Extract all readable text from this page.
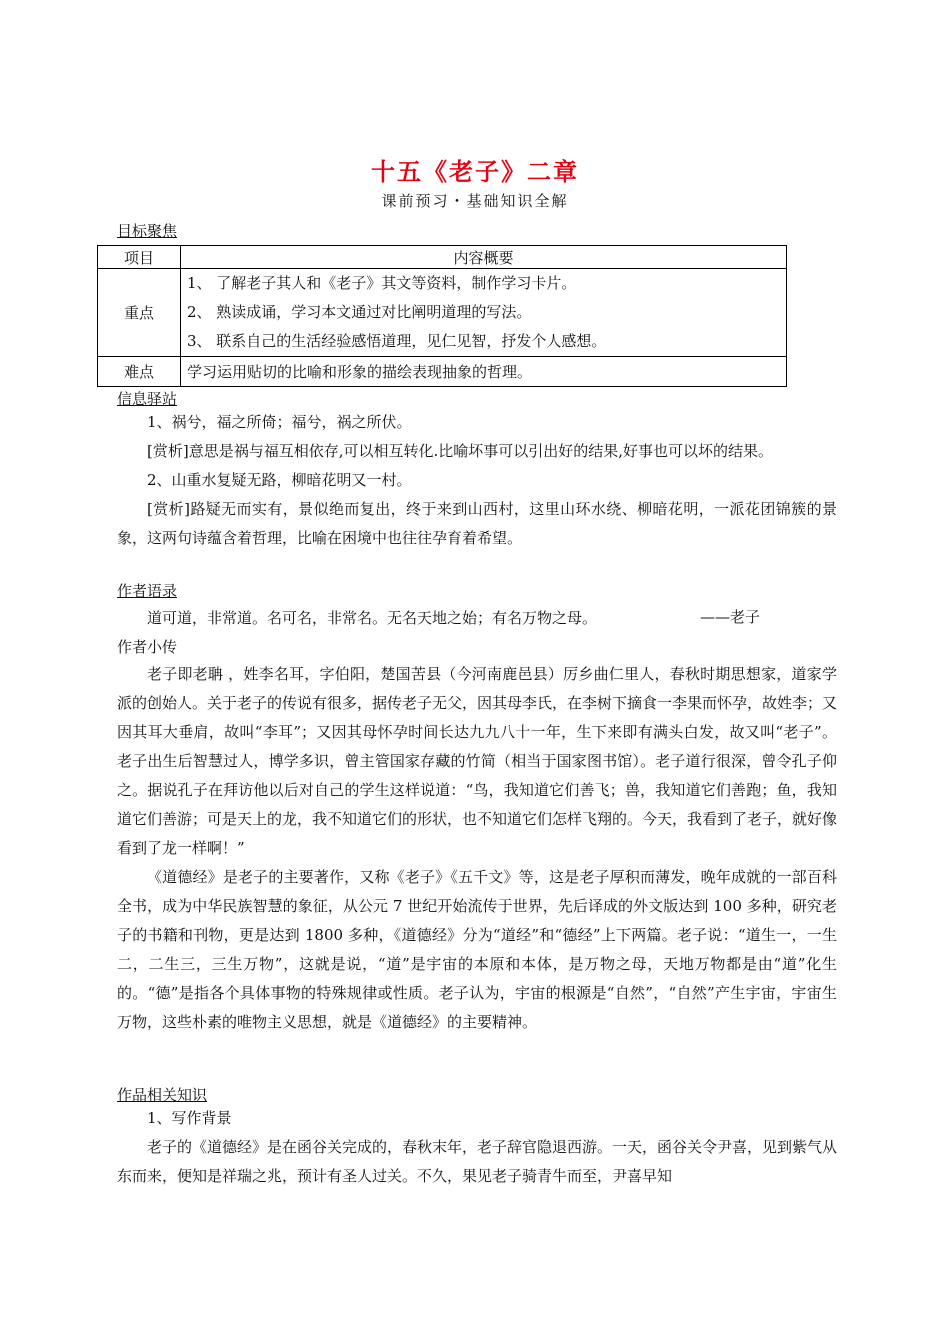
十五《老子》二章
课前预习・基础知识全解
目标聚焦
项目	内容概要
重点	1、 了解老子其人和《老子》其文等资料，制作学习卡片。
2、 熟读成诵，学习本文通过对比阐明道理的写法。
3、 联系自己的生活经验感悟道理，见仁见智，抒发个人感想。

难点	学习运用贴切的比喻和形象的描绘表现抽象的哲理。
信息驿站

1、祸兮，福之所倚；福兮，祸之所伏。

[赏析]意思是祸与福互相依存,可以相互转化.比喻坏事可以引出好的结果,好事也可以坏的结果。

2、山重水复疑无路，柳暗花明又一村。

[赏析]路疑无而实有，景似绝而复出，终于来到山西村，这里山环水绕、柳暗花明，一派花团锦簇的景象，这两句诗蕴含着哲理，比喻在困境中也往往孕育着希望。

作者语录
道可道，非常道。名可名，非常名。无名天地之始；有名万物之母。	——老子
作者小传

老子即老聃 ，姓李名耳，字伯阳，楚国苦县（今河南鹿邑县）厉乡曲仁里人，春秋时期思想家，道家学派的创始人。关于老子的传说有很多，据传老子无父，因其母李氏，在李树下摘食一李果而怀孕，故姓李；又因其耳大垂肩，故叫“李耳”；又因其母怀孕时间长达九九八十一年，生下来即有满头白发，故又叫“老子”。老子出生后智慧过人，博学多识，曾主管国家存藏的竹简（相当于国家图书馆）。老子道行很深，曾令孔子仰之。据说孔子在拜访他以后对自己的学生这样说道：“鸟，我知道它们善飞；兽，我知道它们善跑；鱼，我知道它们善游；可是天上的龙，我不知道它们的形状，也不知道它们怎样飞翔的。今天，我看到了老子，就好像看到了龙一样啊！”

《道德经》是老子的主要著作，又称《老子》《五千文》等，这是老子厚积而薄发，晚年成就的一部百科全书，成为中华民族智慧的象征，从公元 7 世纪开始流传于世界，先后译成的外文版达到 100 多种，研究老子的书籍和刊物，更是达到 1800 多种，《道德经》分为“道经”和“德经”上下两篇。老子说：“道生一，一生二，二生三，三生万物”，这就是说，“道”是宇宙的本原和本体，是万物之母，天地万物都是由“道”化生的。“德”是指各个具体事物的特殊规律或性质。老子认为，宇宙的根源是“自然”，“自然”产生宇宙，宇宙生万物，这些朴素的唯物主义思想，就是《道德经》的主要精神。

作品相关知识

1、写作背景

老子的《道德经》是在函谷关完成的，春秋末年，老子辞官隐退西游。一天，函谷关令尹喜，见到紫气从东而来，便知是祥瑞之兆，预计有圣人过关。不久，果见老子骑青牛而至，尹喜早知
